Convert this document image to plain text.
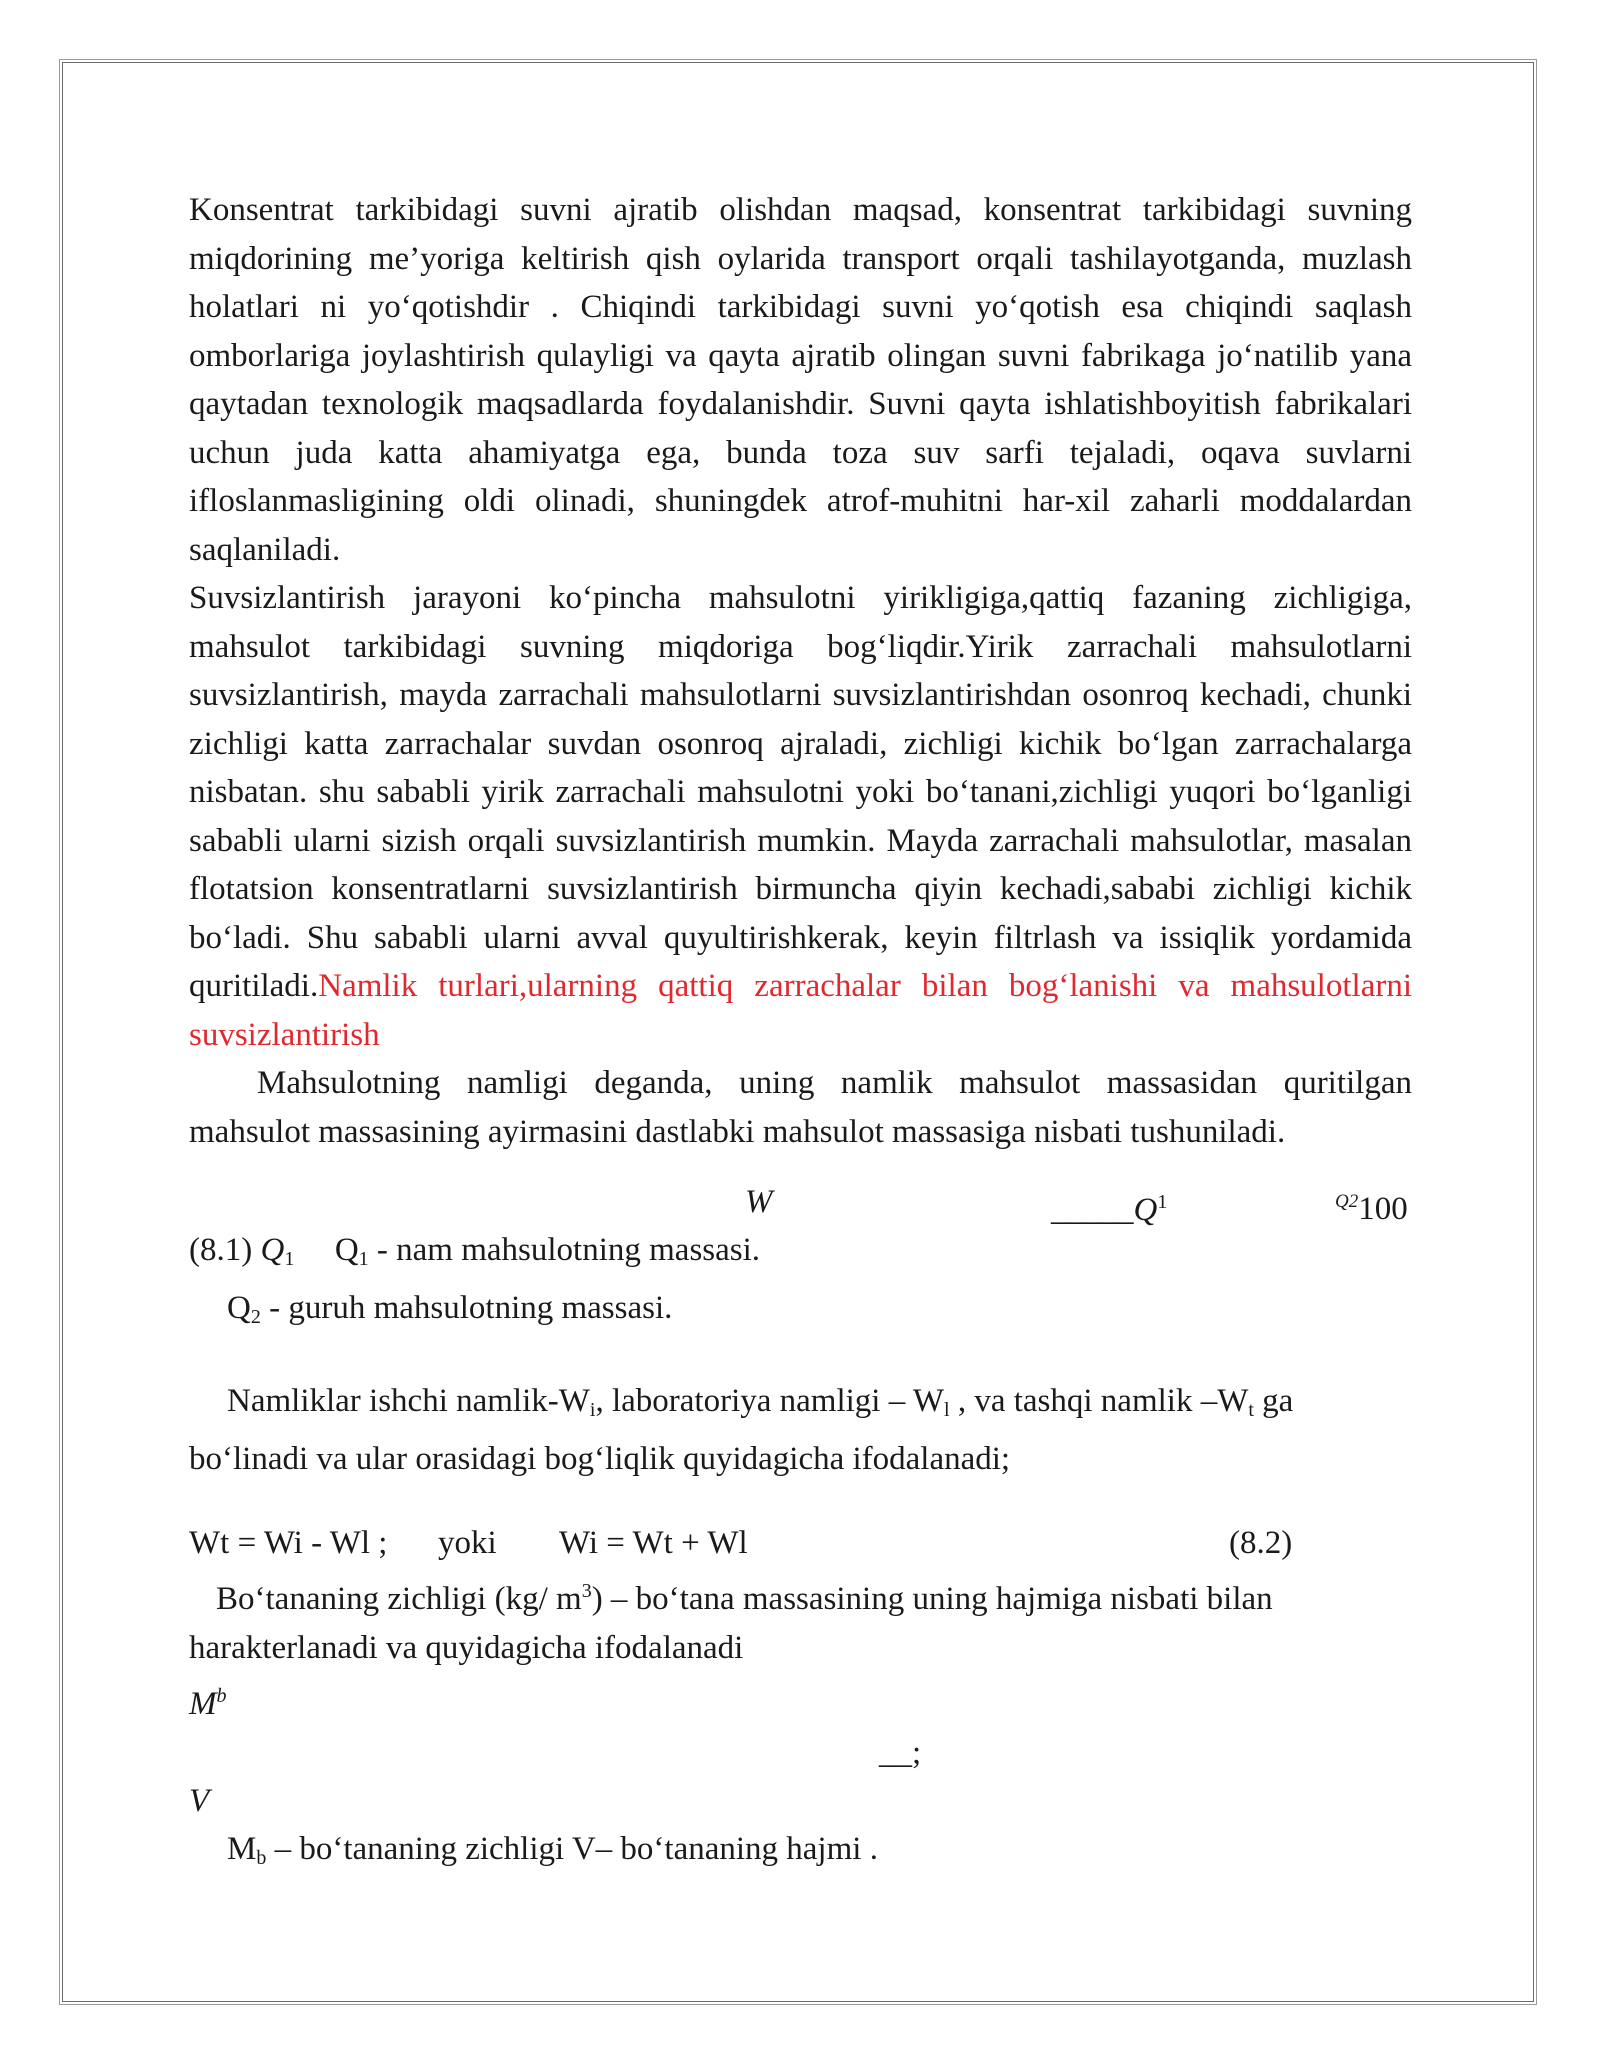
Konsentrat tarkibidagi suvni ajratib olishdan maqsad, konsentrat tarkibidagi suvning miqdorining me’yoriga keltirish qish oylarida transport orqali tashilayotganda, muzlash holatlari ni yo‘qotishdir . Chiqindi tarkibidagi suvni yo‘qotish esa chiqindi saqlash omborlariga joylashtirish qulayligi va qayta ajratib olingan suvni fabrikaga jo‘natilib yana qaytadan texnologik maqsadlarda foydalanishdir. Suvni qayta ishlatishboyitish fabrikalari uchun juda katta ahamiyatga ega, bunda toza suv sarfi tejaladi, oqava suvlarni ifloslanmasligining oldi olinadi, shuningdek atrof-muhitni har-xil zaharli moddalardan saqlaniladi.

Suvsizlantirish jarayoni ko‘pincha mahsulotni yirikligiga,qattiq fazaning zichligiga, mahsulot tarkibidagi suvning miqdoriga bog‘liqdir.Yirik zarrachali mahsulotlarni suvsizlantirish, mayda zarrachali mahsulotlarni suvsizlantirishdan osonroq kechadi, chunki zichligi katta zarrachalar suvdan osonroq ajraladi, zichligi kichik bo‘lgan zarrachalarga nisbatan. shu sababli yirik zarrachali mahsulotni yoki bo‘tanani,zichligi yuqori bo‘lganligi sababli ularni sizish orqali suvsizlantirish mumkin. Mayda zarrachali mahsulotlar, masalan flotatsion konsentratlarni suvsizlantirish birmuncha qiyin kechadi,sababi zichligi kichik bo‘ladi. Shu sababli ularni avval quyultirishkerak, keyin filtrlash va issiqlik yordamida quritiladi.Namlik turlari,ularning qattiq zarrachalar bilan bog‘lanishi va mahsulotlarni suvsizlantirish

Mahsulotning namligi deganda, uning namlik mahsulot massasidan quritilgan mahsulot massasining ayirmasini dastlabki mahsulot massasiga nisbati tushuniladi.

W	$\_\_\_\_\_Q^1$	$^{Q2}$100
(8.1) $Q_1$ $Q_1$ - nam mahsulotning massasi.
$Q_2$ - guruh mahsulotning massasi.

Namliklar ishchi namlik-$W_i$, laboratoriya namligi – $W_l$ , va tashqi namlik $-W_t$ ga

bo‘linadi va ular orasidagi bog‘liqlik quyidagicha ifodalanadi;
Wt = Wi - Wl ; yoki Wi = Wt + Wl	(8.2)

Bo‘tananing zichligi (kg/ $m^3$) – bo‘tana massasining uning hajmiga nisbati bilan

harakterlanadi va quyidagicha ifodalanadi
$M^b$
__;
V
$M_b$ – bo‘tananing zichligi V– bo‘tananing hajmi .
